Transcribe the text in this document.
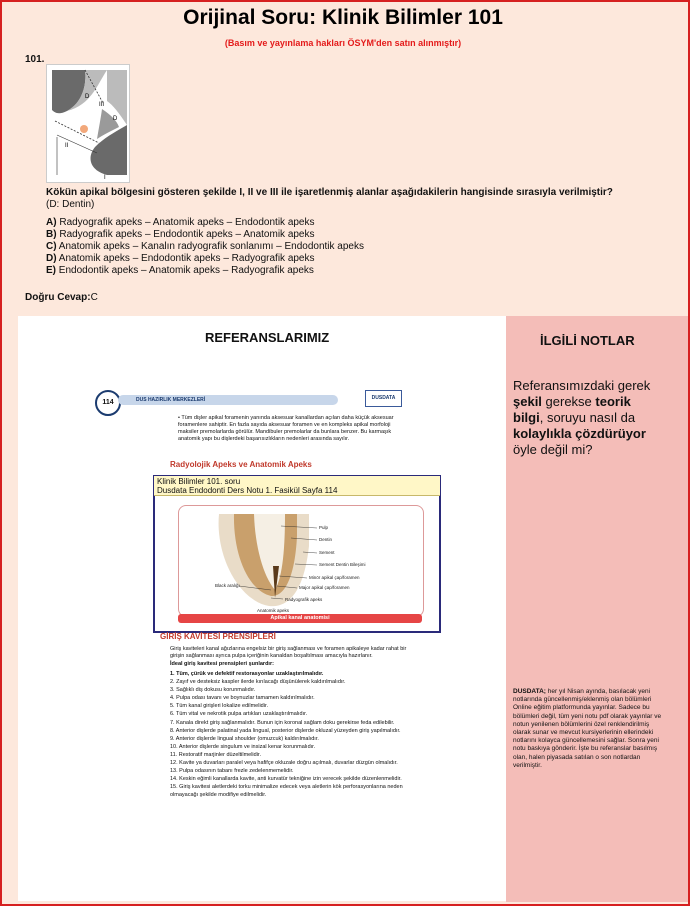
Orijinal Soru: Klinik Bilimler 101
(Basım ve yayınlama hakları ÖSYM'den satın alınmıştır)
101.
D
III
D
II
I
Kökün apikal bölgesini gösteren şekilde I, II ve III ile işaretlenmiş alanlar aşağıdakilerin hangisinde sırasıyla verilmiştir?
(D: Dentin)
A) Radyografik apeks – Anatomik apeks – Endodontik apeks
B) Radyografik apeks – Endodontik apeks – Anatomik apeks
C) Anatomik apeks – Kanalın radyografik sonlanımı – Endodontik apeks
D) Anatomik apeks – Endodontik apeks – Radyografik apeks
E) Endodontik apeks – Anatomik apeks – Radyografik apeks
Doğru Cevap:C
REFERANSLARIMIZ
114	DUS HAZIRLIK MERKEZLERİ	DUSDATA
• Tüm dişler apikal foramenin yanında aksesuar kanallardan açılan daha küçük aksesuar foramenlere sahiptir. En fazla sayıda aksesuar foramen ve en kompleks apikal morfoloji maksiler premolarlarda görülür. Mandibuler premolarlar da bunlara benzer. Bu karmaşık anatomik yapı bu dişlerdeki başarısızlıkların nedenleri arasında sayılır.
Radyolojik Apeks ve Anatomik Apeks
Klinik Bilimler 101. soru
Dusdata Endodonti Ders Notu 1. Fasikül Sayfa 114
Pulp
Dentin
Sement
Sement Dentin Bileşimi
Minör apikal çap/foramen
Major apikal çap/foramen
Black aralığı
Radyografik apeks
Anatomik apeks
Apikal kanal anatomisi
GİRİŞ KAVİTESİ PRENSİPLERİ
Giriş kaviteleri kanal ağızlarına engelsiz bir giriş sağlanması ve foramen apikaleye kadar rahat bir girişin sağlanması ayrıca pulpa içeriğinin kanaldan boşaltılması amacıyla hazırlanır.
İdeal giriş kavitesi prensipleri şunlardır:
1. Tüm, çürük ve defektif restorasyonlar uzaklaştırılmalıdır.
2. Zayıf ve desteksiz kaspler ilerde kırılacağı düşünülerek kaldırılmalıdır.
3. Sağlıklı diş dokusu korunmalıdır.
4. Pulpa odası tavanı ve boynuzlar tamamen kaldırılmalıdır.
5. Tüm kanal girişleri lokalize edilmelidir.
6. Tüm vital ve nekrotik pulpa artıkları uzaklaştırılmalıdır.
7. Kanala direkt giriş sağlanmalıdır. Bunun için koronal sağlam doku gerekirse feda edilebilir.
8. Anterior dişlerde palatinal yada lingual, posterior dişlerde okluzal yüzeyden giriş yapılmalıdır.
9. Anterior dişlerde lingual shoulder (omuzcuk) kaldırılmalıdır.
10. Anterior dişlerde singulum ve insizal kenar korunmalıdır.
11. Restoratif marjinler düzeltilmelidir.
12. Kavite ya duvarları paralel veya hafifçe okluzale doğru açılmalı, duvarlar düzgün olmalıdır.
13. Pulpa odasının tabanı frezle zedelenmemelidir.
14. Keskin eğimli kanallarda kavite, anti kurvatür tekniğine izin verecek şekilde düzenlenmelidir.
15. Giriş kavitesi aletlerdeki torku minimalize edecek veya aletlerin kök perforasyonlarına neden olmayacağı şekilde modifiye edilmelidir.
İLGİLİ NOTLAR
Referansımızdaki gerek şekil gerekse teorik bilgi, soruyu nasıl da kolaylıkla çözdürüyor öyle değil mi?
DUSDATA; her yıl Nisan ayında, basılacak yeni notlarında güncellenmiş/eklenmiş olan bölümleri Online eğitim platformunda yayınlar. Sadece bu bölümleri değil, tüm yeni notu pdf olarak yayınlar ve notun yenilenen bölümlerini özel renklendirilmiş olarak sunar ve mevcut kursiyerlerinin ellerindeki notlarını kolayca güncellemesini sağlar. Sonra yeni notu baskıya gönderir. İşte bu referanslar basılmış olan, halen piyasada satılan o son notlardan verilmiştir.
